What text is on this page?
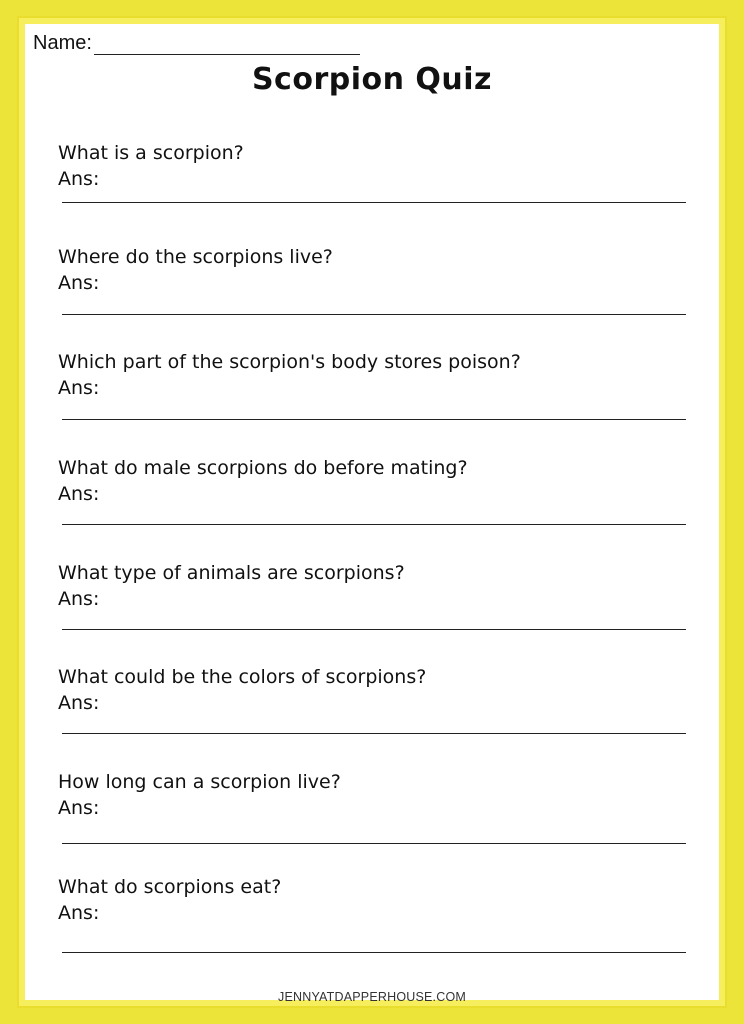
Name:
Scorpion Quiz
What is a scorpion?
Ans:
Where do the scorpions live?
Ans:
Which part of the scorpion's body stores poison?
Ans:
What do male scorpions do before mating?
Ans:
What type of animals are scorpions?
Ans:
What could be the colors of scorpions?
Ans:
How long can a scorpion live?
Ans:
What do scorpions eat?
Ans:
JENNYATDAPPERHOUSE.COM
